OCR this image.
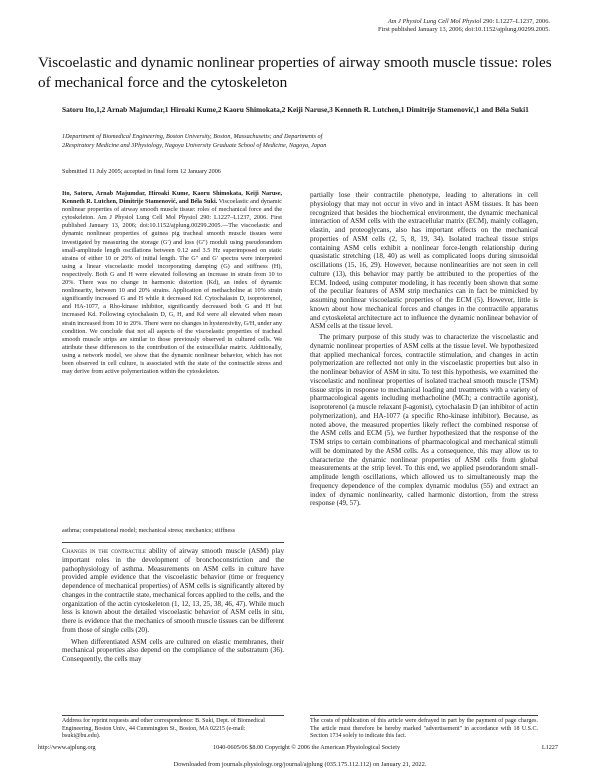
Am J Physiol Lung Cell Mol Physiol 290: L1227–L1237, 2006.
First published January 13, 2006; doi:10.1152/ajplung.00299.2005.
Viscoelastic and dynamic nonlinear properties of airway smooth muscle tissue: roles of mechanical force and the cytoskeleton
Satoru Ito,1,2 Arnab Majumdar,1 Hiroaki Kume,2 Kaoru Shimokata,2 Keiji Naruse,3 Kenneth R. Lutchen,1 Dimitrije Stamenović,1 and Béla Suki1
1Department of Biomedical Engineering, Boston University, Boston, Massachusetts; and Departments of
2Respiratory Medicine and 3Physiology, Nagoya University Graduate School of Medicine, Nagoya, Japan
Submitted 11 July 2005; accepted in final form 12 January 2006
Ito, Satoru, Arnab Majumdar, Hiroaki Kume, Kaoru Shimokata, Keiji Naruse, Kenneth R. Lutchen, Dimitrije Stamenović, and Béla Suki. Viscoelastic and dynamic nonlinear properties of airway smooth muscle tissue: roles of mechanical force and the cytoskeleton. Am J Physiol Lung Cell Mol Physiol 290: L1227–L1237, 2006. First published January 13, 2006; doi:10.1152/ajplung.00299.2005.—The viscoelastic and dynamic nonlinear properties of guinea pig tracheal smooth muscle tissues were investigated by measuring the storage (G′) and loss (G″) moduli using pseudorandom small-amplitude length oscillations between 0.12 and 3.5 Hz superimposed on static strains of either 10 or 20% of initial length. The G″ and G′ spectra were interpreted using a linear viscoelastic model incorporating damping (G) and stiffness (H), respectively. Both G and H were elevated following an increase in strain from 10 to 20%. There was no change in harmonic distortion (Kd), an index of dynamic nonlinearity, between 10 and 20% strains. Application of methacholine at 10% strain significantly increased G and H while it decreased Kd. Cytochalasin D, isoproterenol, and HA-1077, a Rho-kinase inhibitor, significantly decreased both G and H but increased Kd. Following cytochalasin D, G, H, and Kd were all elevated when mean strain increased from 10 to 20%. There were no changes in hysteresivity, G/H, under any condition. We conclude that not all aspects of the viscoelastic properties of tracheal smooth muscle strips are similar to those previously observed in cultured cells. We attribute these differences to the contribution of the extracellular matrix. Additionally, using a network model, we show that the dynamic nonlinear behavior, which has not been observed in cell culture, is associated with the state of the contractile stress and may derive from active polymerization within the cytoskeleton.
asthma; computational model; mechanical stress; mechanics; stiffness

Changes in the contractile ability of airway smooth muscle (ASM) play important roles in the development of bronchoconstriction and the pathophysiology of asthma. Measurements on ASM cells in culture have provided ample evidence that the viscoelastic behavior (time or frequency dependence of mechanical properties) of ASM cells is significantly altered by changes in the contractile state, mechanical forces applied to the cells, and the organization of the actin cytoskeleton (1, 12, 13, 25, 38, 46, 47). While much less is known about the detailed viscoelastic behavior of ASM cells in situ, there is evidence that the mechanics of smooth muscle tissues can be different from those of single cells (20).

When differentiated ASM cells are cultured on elastic membranes, their mechanical properties also depend on the compliance of the substratum (36). Consequently, the cells may

partially lose their contractile phenotype, leading to alterations in cell physiology that may not occur in vivo and in intact ASM tissues. It has been recognized that besides the biochemical environment, the dynamic mechanical interaction of ASM cells with the extracellular matrix (ECM), mainly collagen, elastin, and proteoglycans, also has important effects on the mechanical properties of ASM cells (2, 5, 8, 19, 34). Isolated tracheal tissue strips containing ASM cells exhibit a nonlinear force-length relationship during quasistatic stretching (18, 40) as well as complicated loops during sinusoidal oscillations (15, 16, 29). However, because nonlinearities are not seen in cell culture (13), this behavior may partly be attributed to the properties of the ECM. Indeed, using computer modeling, it has recently been shown that some of the peculiar features of ASM strip mechanics can in fact be mimicked by assuming nonlinear viscoelastic properties of the ECM (5). However, little is known about how mechanical forces and changes in the contractile apparatus and cytoskeletal architecture act to influence the dynamic nonlinear behavior of ASM cells at the tissue level.

The primary purpose of this study was to characterize the viscoelastic and dynamic nonlinear properties of ASM cells at the tissue level. We hypothesized that applied mechanical forces, contractile stimulation, and changes in actin polymerization are reflected not only in the viscoelastic properties but also in the nonlinear behavior of ASM in situ. To test this hypothesis, we examined the viscoelastic and nonlinear properties of isolated tracheal smooth muscle (TSM) tissue strips in response to mechanical loading and treatments with a variety of pharmacological agents including methacholine (MCh; a contractile agonist), isoproterenol (a muscle relaxant β-agonist), cytochalasin D (an inhibitor of actin polymerization), and HA-1077 (a specific Rho-kinase inhibitor). Because, as noted above, the measured properties likely reflect the combined response of the ASM cells and ECM (5), we further hypothesized that the response of the TSM strips to certain combinations of pharmacological and mechanical stimuli will be dominated by the ASM cells. As a consequence, this may allow us to characterize the dynamic nonlinear properties of ASM cells from global measurements at the strip level. To this end, we applied pseudorandom small-amplitude length oscillations, which allowed us to simultaneously map the frequency dependence of the complex dynamic modulus (55) and extract an index of dynamic nonlinearity, called harmonic distortion, from the stress response (49, 57).

Address for reprint requests and other correspondence: B. Suki, Dept. of Biomedical Engineering, Boston Univ., 44 Cummington St., Boston, MA 02215 (e-mail: bsuki@bu.edu).
The costs of publication of this article were defrayed in part by the payment of page charges. The article must therefore be hereby marked "advertisement" in accordance with 18 U.S.C. Section 1734 solely to indicate this fact.
http://www.ajplung.org	1040-0605/06 $8.00 Copyright © 2006 the American Physiological Society	L1227
Downloaded from journals.physiology.org/journal/ajplung (035.175.112.112) on January 21, 2022.
